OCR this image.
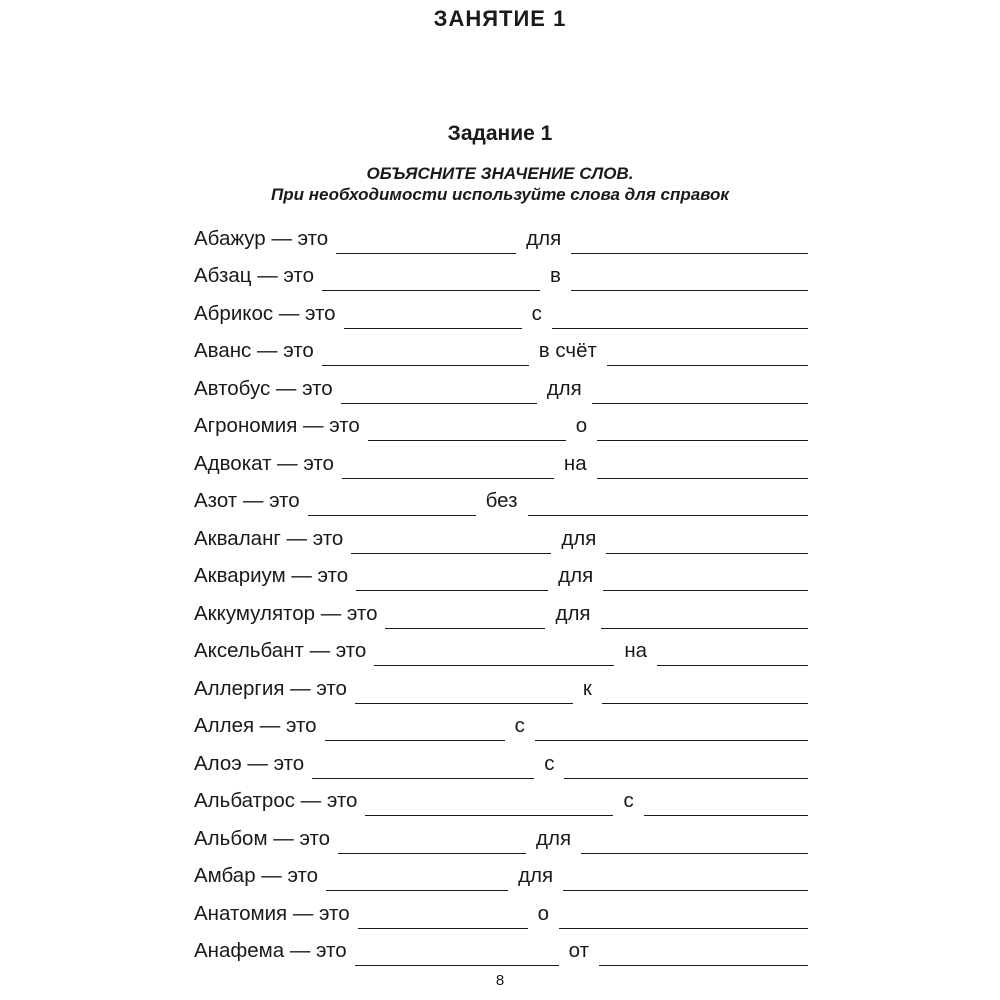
ЗАНЯТИЕ 1
Задание 1
ОБЪЯСНИТЕ ЗНАЧЕНИЕ СЛОВ.
При необходимости используйте слова для справок
Абажур — это	для
Абзац — это	в
Абрикос — это	с
Аванс — это	в счёт
Автобус — это	для
Агрономия — это	о
Адвокат — это	на
Азот — это	без
Акваланг — это	для
Аквариум — это	для
Аккумулятор — это	для
Аксельбант — это	на
Аллергия — это	к
Аллея — это	с
Алоэ — это	с
Альбатрос — это	с
Альбом — это	для
Амбар — это	для
Анатомия — это	о
Анафема — это	от
8
